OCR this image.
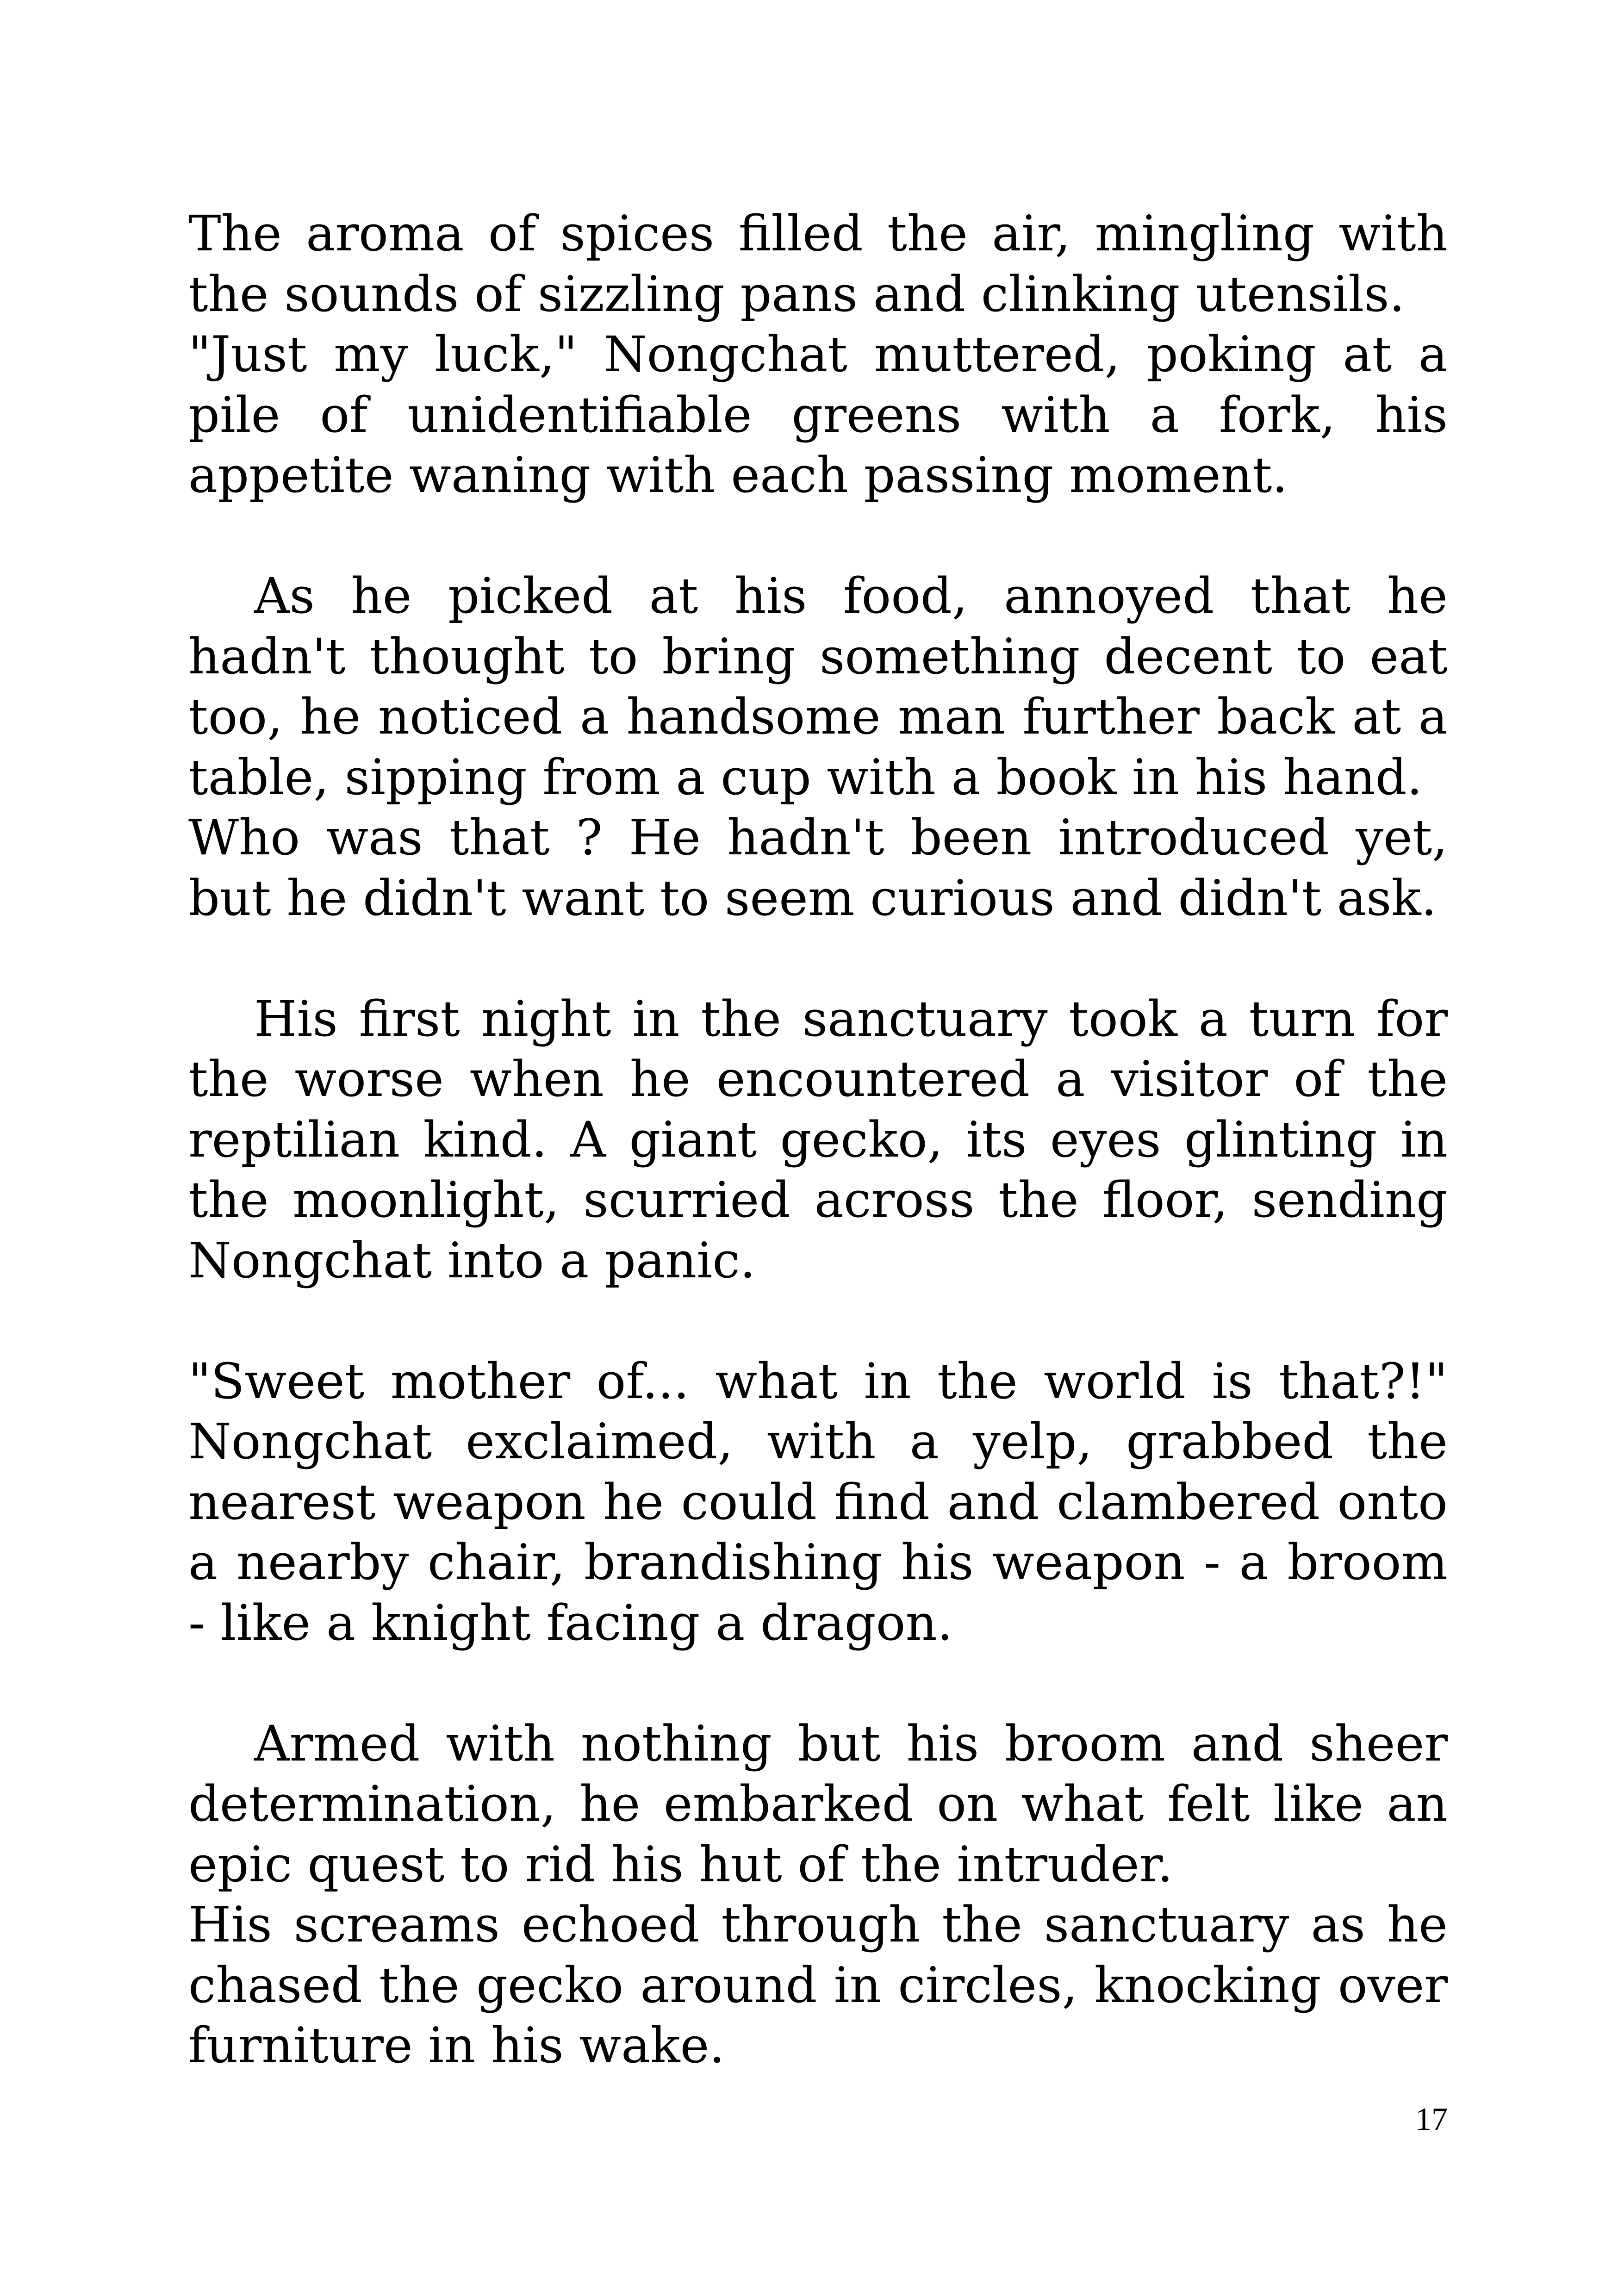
The aroma of spices filled the air, mingling with the sounds of sizzling pans and clinking utensils.

"Just my luck," Nongchat muttered, poking at a pile of unidentifiable greens with a fork, his appetite waning with each passing moment.

As he picked at his food, annoyed that he hadn't thought to bring something decent to eat too, he noticed a handsome man further back at a table, sipping from a cup with a book in his hand.

Who was that ? He hadn't been introduced yet, but he didn't want to seem curious and didn't ask.

His first night in the sanctuary took a turn for the worse when he encountered a visitor of the reptilian kind. A giant gecko, its eyes glinting in the moonlight, scurried across the floor, sending Nongchat into a panic.

"Sweet mother of... what in the world is that?!" Nongchat exclaimed, with a yelp, grabbed the nearest weapon he could find and clambered onto a nearby chair, brandishing his weapon - a broom - like a knight facing a dragon.

Armed with nothing but his broom and sheer determination, he embarked on what felt like an epic quest to rid his hut of the intruder.

His screams echoed through the sanctuary as he chased the gecko around in circles, knocking over furniture in his wake.

17
